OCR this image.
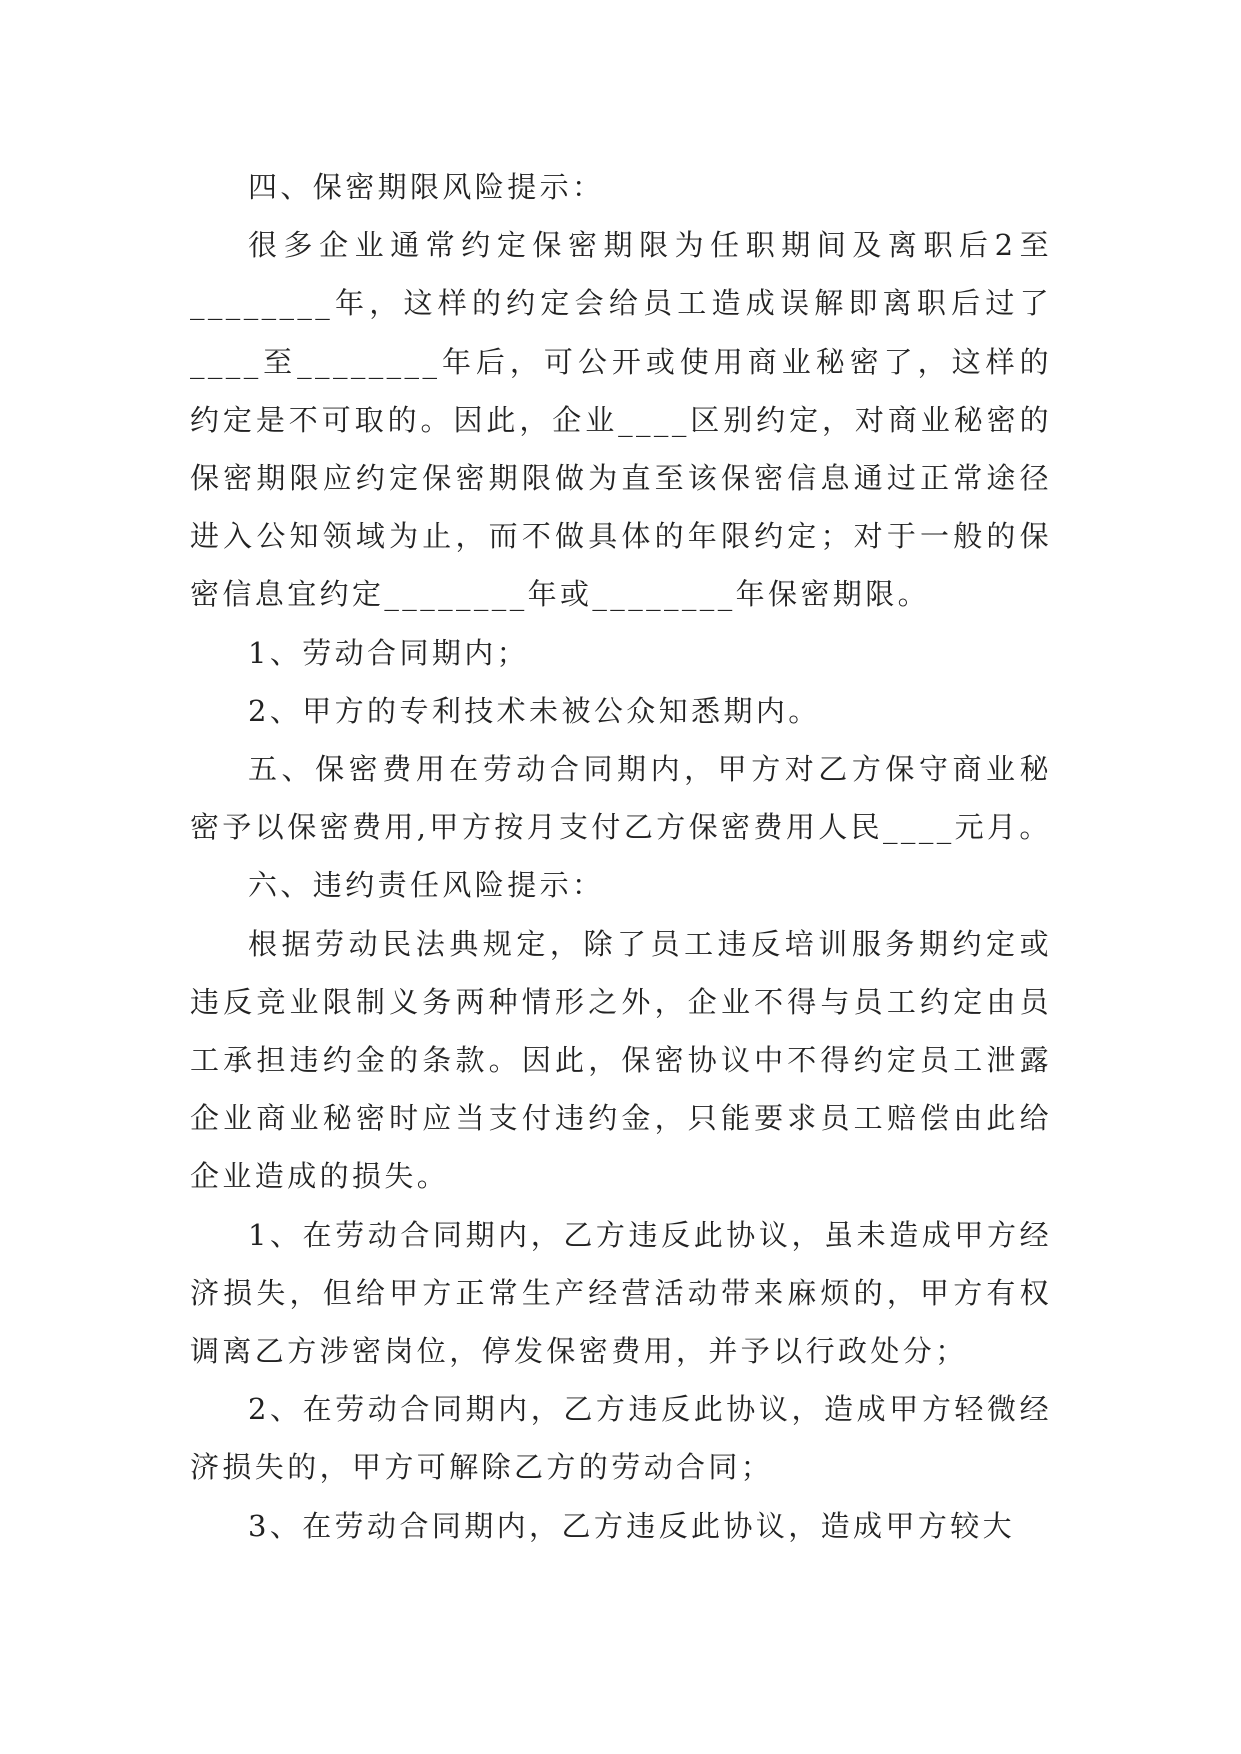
四、保密期限风险提示：

很多企业通常约定保密期限为任职期间及离职后2至________年，这样的约定会给员工造成误解即离职后过了____至________年后，可公开或使用商业秘密了，这样的约定是不可取的。因此，企业____区别约定，对商业秘密的保密期限应约定保密期限做为直至该保密信息通过正常途径进入公知领域为止，而不做具体的年限约定；对于一般的保密信息宜约定________年或________年保密期限。

1、劳动合同期内；

2、甲方的专利技术未被公众知悉期内。

五、保密费用在劳动合同期内，甲方对乙方保守商业秘密予以保密费用,甲方按月支付乙方保密费用人民____元月。

六、违约责任风险提示：

根据劳动民法典规定，除了员工违反培训服务期约定或违反竞业限制义务两种情形之外，企业不得与员工约定由员工承担违约金的条款。因此，保密协议中不得约定员工泄露企业商业秘密时应当支付违约金，只能要求员工赔偿由此给企业造成的损失。

1、在劳动合同期内，乙方违反此协议，虽未造成甲方经济损失，但给甲方正常生产经营活动带来麻烦的，甲方有权调离乙方涉密岗位，停发保密费用，并予以行政处分；

2、在劳动合同期内，乙方违反此协议，造成甲方轻微经济损失的，甲方可解除乙方的劳动合同；

3、在劳动合同期内，乙方违反此协议，造成甲方较大
